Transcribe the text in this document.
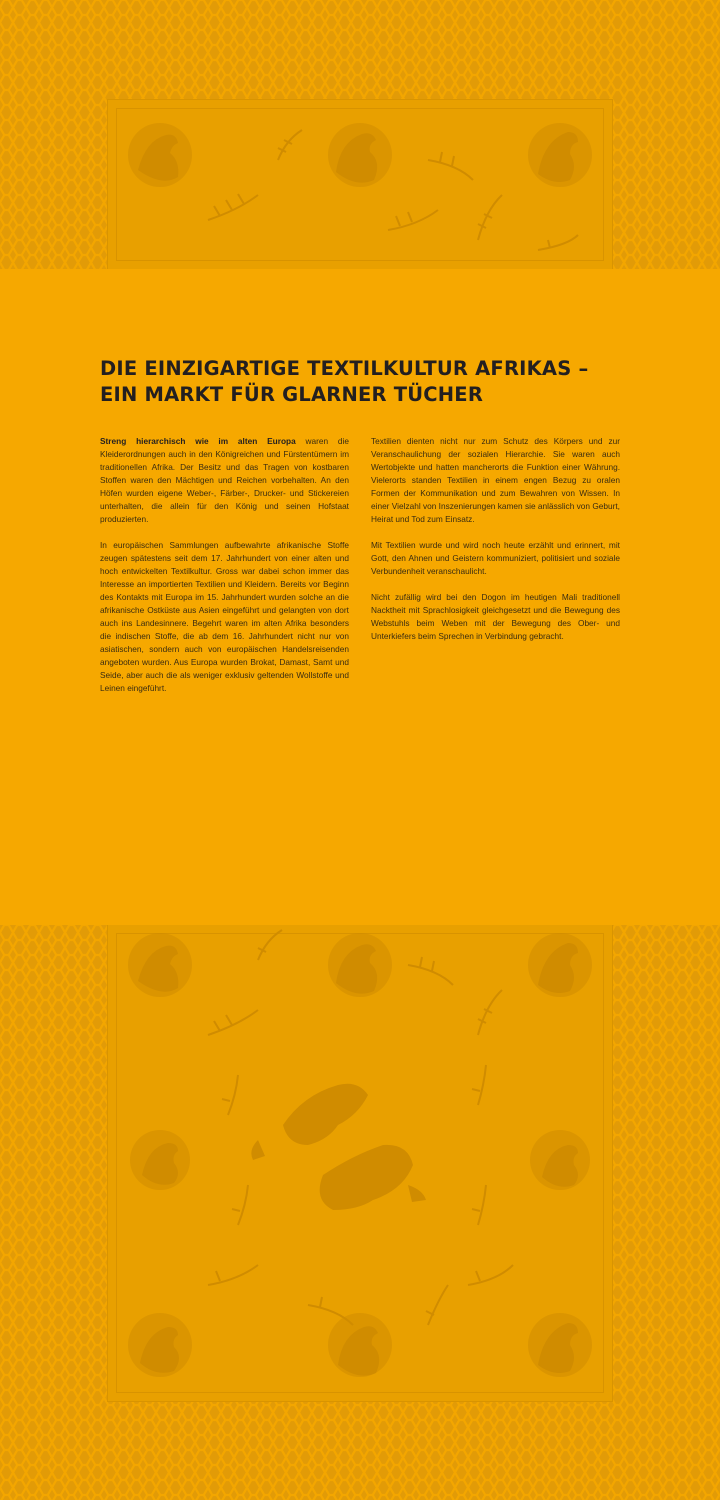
DIE EINZIGARTIGE TEXTILKULTUR AFRIKAS –
EIN MARKT FÜR GLARNER TÜCHER

Streng hierarchisch wie im alten Europa waren die Kleiderordnungen auch in den Königreichen und Fürstentümern im traditionellen Afrika. Der Besitz und das Tragen von kostbaren Stoffen waren den Mächtigen und Reichen vorbehalten. An den Höfen wurden eigene Weber-, Färber-, Drucker- und Stickereien unterhalten, die allein für den König und seinen Hofstaat produzierten.

In europäischen Sammlungen aufbewahrte afrikanische Stoffe zeugen spätestens seit dem 17. Jahrhundert von einer alten und hoch entwickelten Textilkultur. Gross war dabei schon immer das Interesse an importierten Textilien und Kleidern. Bereits vor Beginn des Kontakts mit Europa im 15. Jahrhundert wurden solche an die afrikanische Ostküste aus Asien eingeführt und gelangten von dort auch ins Landesinnere. Begehrt waren im alten Afrika besonders die indischen Stoffe, die ab dem 16. Jahrhundert nicht nur von asiatischen, sondern auch von europäischen Handelsreisenden angeboten wurden. Aus Europa wurden Brokat, Damast, Samt und Seide, aber auch die als weniger exklusiv geltenden Wollstoffe und Leinen eingeführt.

Textilien dienten nicht nur zum Schutz des Körpers und zur Veranschaulichung der sozialen Hierarchie. Sie waren auch Wertobjekte und hatten mancherorts die Funktion einer Währung. Vielerorts standen Textilien in einem engen Bezug zu oralen Formen der Kommunikation und zum Bewahren von Wissen. In einer Vielzahl von Inszenierungen kamen sie anlässlich von Geburt, Heirat und Tod zum Einsatz.

Mit Textilien wurde und wird noch heute erzählt und erinnert, mit Gott, den Ahnen und Geistern kommuniziert, politisiert und soziale Verbundenheit veranschaulicht.

Nicht zufällig wird bei den Dogon im heutigen Mali traditionell Nacktheit mit Sprachlosigkeit gleichgesetzt und die Bewegung des Webstuhls beim Weben mit der Bewegung des Ober- und Unterkiefers beim Sprechen in Verbindung gebracht.
